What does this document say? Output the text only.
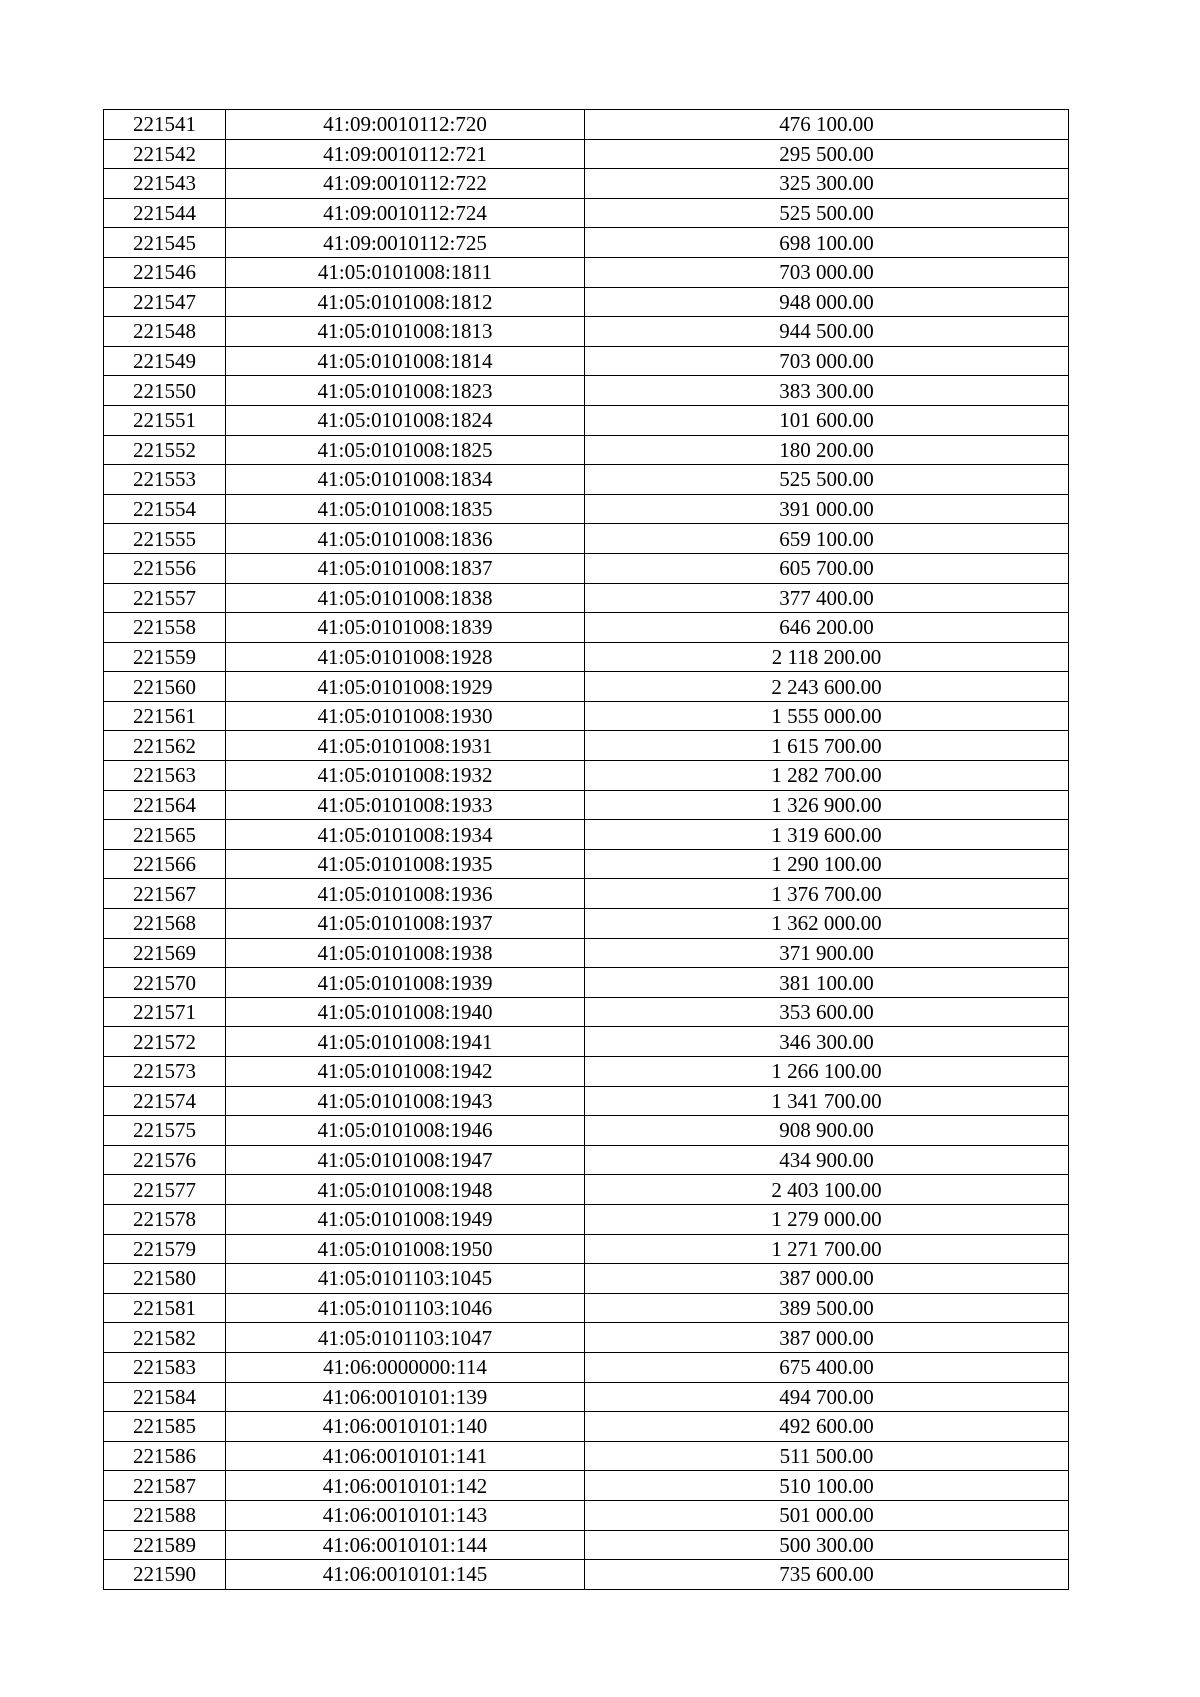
221541	41:09:0010112:720	476 100.00
221542	41:09:0010112:721	295 500.00
221543	41:09:0010112:722	325 300.00
221544	41:09:0010112:724	525 500.00
221545	41:09:0010112:725	698 100.00
221546	41:05:0101008:1811	703 000.00
221547	41:05:0101008:1812	948 000.00
221548	41:05:0101008:1813	944 500.00
221549	41:05:0101008:1814	703 000.00
221550	41:05:0101008:1823	383 300.00
221551	41:05:0101008:1824	101 600.00
221552	41:05:0101008:1825	180 200.00
221553	41:05:0101008:1834	525 500.00
221554	41:05:0101008:1835	391 000.00
221555	41:05:0101008:1836	659 100.00
221556	41:05:0101008:1837	605 700.00
221557	41:05:0101008:1838	377 400.00
221558	41:05:0101008:1839	646 200.00
221559	41:05:0101008:1928	2 118 200.00
221560	41:05:0101008:1929	2 243 600.00
221561	41:05:0101008:1930	1 555 000.00
221562	41:05:0101008:1931	1 615 700.00
221563	41:05:0101008:1932	1 282 700.00
221564	41:05:0101008:1933	1 326 900.00
221565	41:05:0101008:1934	1 319 600.00
221566	41:05:0101008:1935	1 290 100.00
221567	41:05:0101008:1936	1 376 700.00
221568	41:05:0101008:1937	1 362 000.00
221569	41:05:0101008:1938	371 900.00
221570	41:05:0101008:1939	381 100.00
221571	41:05:0101008:1940	353 600.00
221572	41:05:0101008:1941	346 300.00
221573	41:05:0101008:1942	1 266 100.00
221574	41:05:0101008:1943	1 341 700.00
221575	41:05:0101008:1946	908 900.00
221576	41:05:0101008:1947	434 900.00
221577	41:05:0101008:1948	2 403 100.00
221578	41:05:0101008:1949	1 279 000.00
221579	41:05:0101008:1950	1 271 700.00
221580	41:05:0101103:1045	387 000.00
221581	41:05:0101103:1046	389 500.00
221582	41:05:0101103:1047	387 000.00
221583	41:06:0000000:114	675 400.00
221584	41:06:0010101:139	494 700.00
221585	41:06:0010101:140	492 600.00
221586	41:06:0010101:141	511 500.00
221587	41:06:0010101:142	510 100.00
221588	41:06:0010101:143	501 000.00
221589	41:06:0010101:144	500 300.00
221590	41:06:0010101:145	735 600.00
